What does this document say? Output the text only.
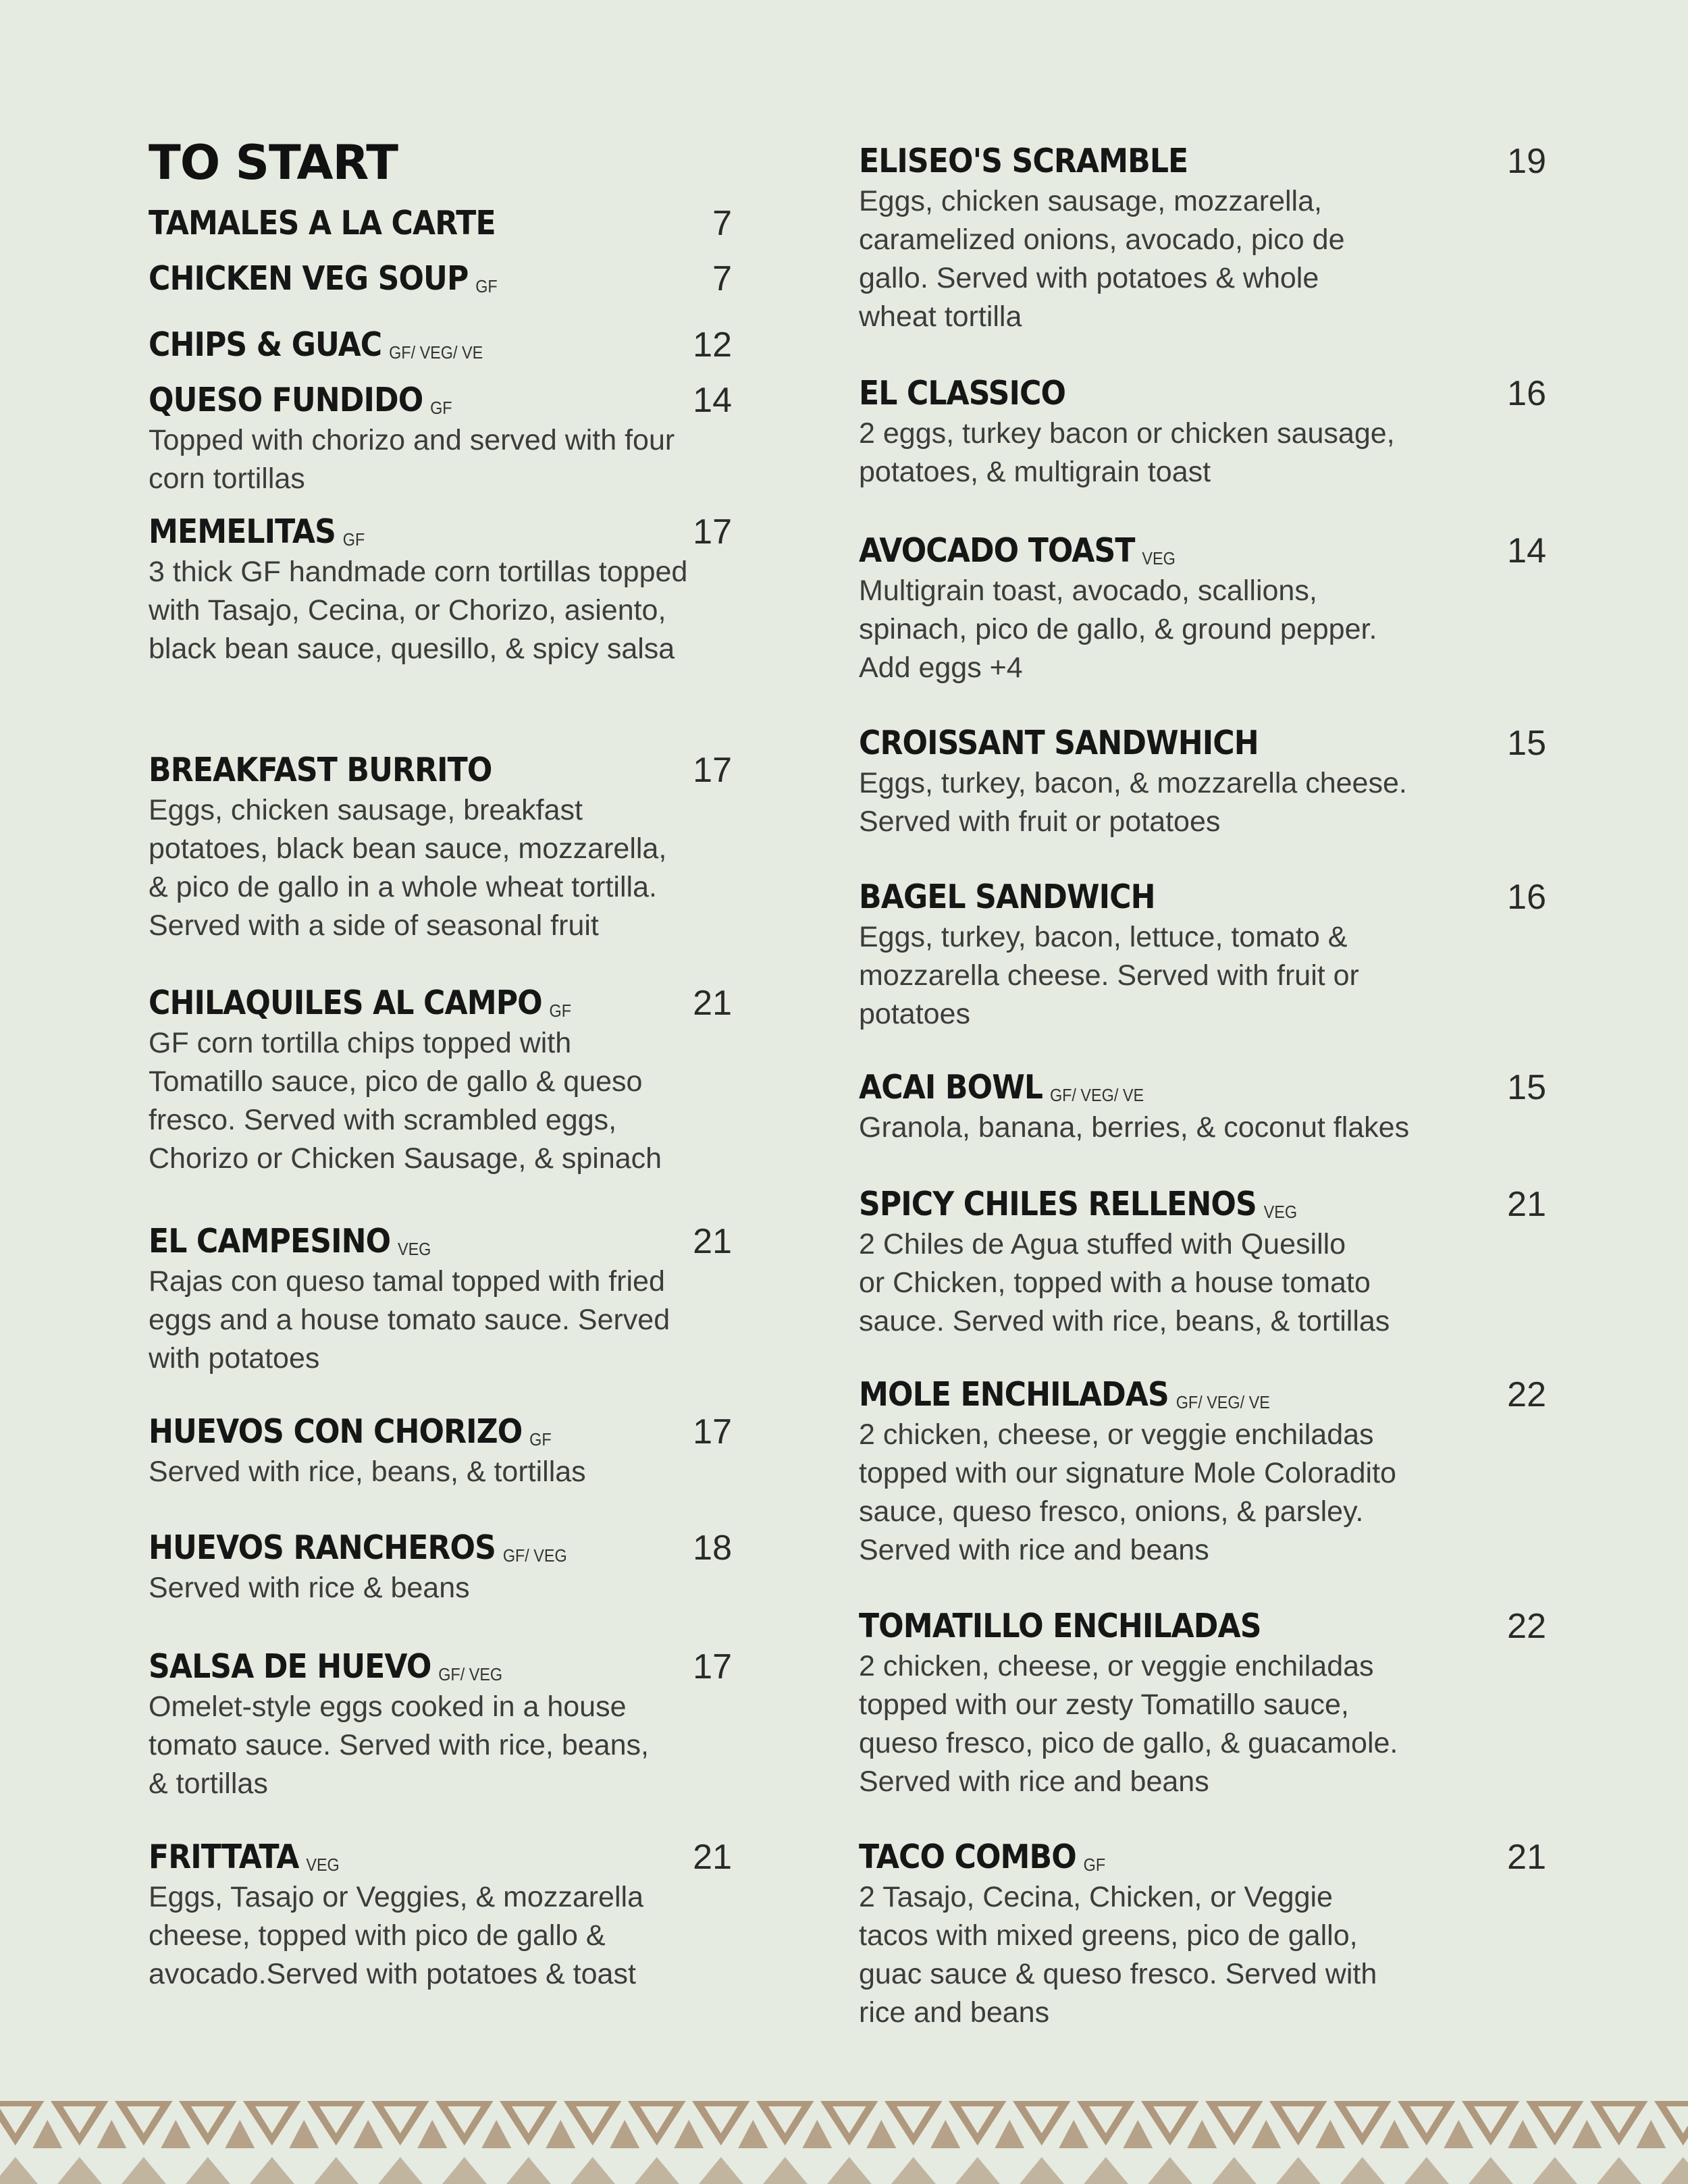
TO START
TAMALES A LA CARTE	7
CHICKEN VEG SOUP GF	7
CHIPS & GUAC GF/ VEG/ VE	12
QUESO FUNDIDO GF	14
Topped with chorizo and served with four
corn tortillas
MEMELITAS GF	17
3 thick GF handmade corn tortillas topped
with Tasajo, Cecina, or Chorizo, asiento,
black bean sauce, quesillo, & spicy salsa
BREAKFAST BURRITO	17
Eggs, chicken sausage, breakfast
potatoes, black bean sauce, mozzarella,
& pico de gallo in a whole wheat tortilla.
Served with a side of seasonal fruit
CHILAQUILES AL CAMPO GF	21
GF corn tortilla chips topped with
Tomatillo sauce, pico de gallo & queso
fresco. Served with scrambled eggs,
Chorizo or Chicken Sausage, & spinach
EL CAMPESINO VEG	21
Rajas con queso tamal topped with fried
eggs and a house tomato sauce. Served
with potatoes
HUEVOS CON CHORIZO GF	17
Served with rice, beans, & tortillas
HUEVOS RANCHEROS GF/ VEG	18
Served with rice & beans
SALSA DE HUEVO GF/ VEG	17
Omelet-style eggs cooked in a house
tomato sauce. Served with rice, beans,
& tortillas
FRITTATA VEG	21
Eggs, Tasajo or Veggies, & mozzarella
cheese, topped with pico de gallo &
avocado.Served with potatoes & toast
ELISEO'S SCRAMBLE	19
Eggs, chicken sausage, mozzarella,
caramelized onions, avocado, pico de
gallo. Served with potatoes & whole
wheat tortilla
EL CLASSICO	16
2 eggs, turkey bacon or chicken sausage,
potatoes, & multigrain toast
AVOCADO TOAST VEG	14
Multigrain toast, avocado, scallions,
spinach, pico de gallo, & ground pepper.
Add eggs +4
CROISSANT SANDWHICH	15
Eggs, turkey, bacon, & mozzarella cheese.
Served with fruit or potatoes
BAGEL SANDWICH	16
Eggs, turkey, bacon, lettuce, tomato &
mozzarella cheese. Served with fruit or
potatoes
ACAI BOWL GF/ VEG/ VE	15
Granola, banana, berries, & coconut flakes
SPICY CHILES RELLENOS VEG	21
2 Chiles de Agua stuffed with Quesillo
or Chicken, topped with a house tomato
sauce. Served with rice, beans, & tortillas
MOLE ENCHILADAS GF/ VEG/ VE	22
2 chicken, cheese, or veggie enchiladas
topped with our signature Mole Coloradito
sauce, queso fresco, onions, & parsley.
Served with rice and beans
TOMATILLO ENCHILADAS	22
2 chicken, cheese, or veggie enchiladas
topped with our zesty Tomatillo sauce,
queso fresco, pico de gallo, & guacamole.
Served with rice and beans
TACO COMBO GF	21
2 Tasajo, Cecina, Chicken, or Veggie
tacos with mixed greens, pico de gallo,
guac sauce & queso fresco. Served with
rice and beans
